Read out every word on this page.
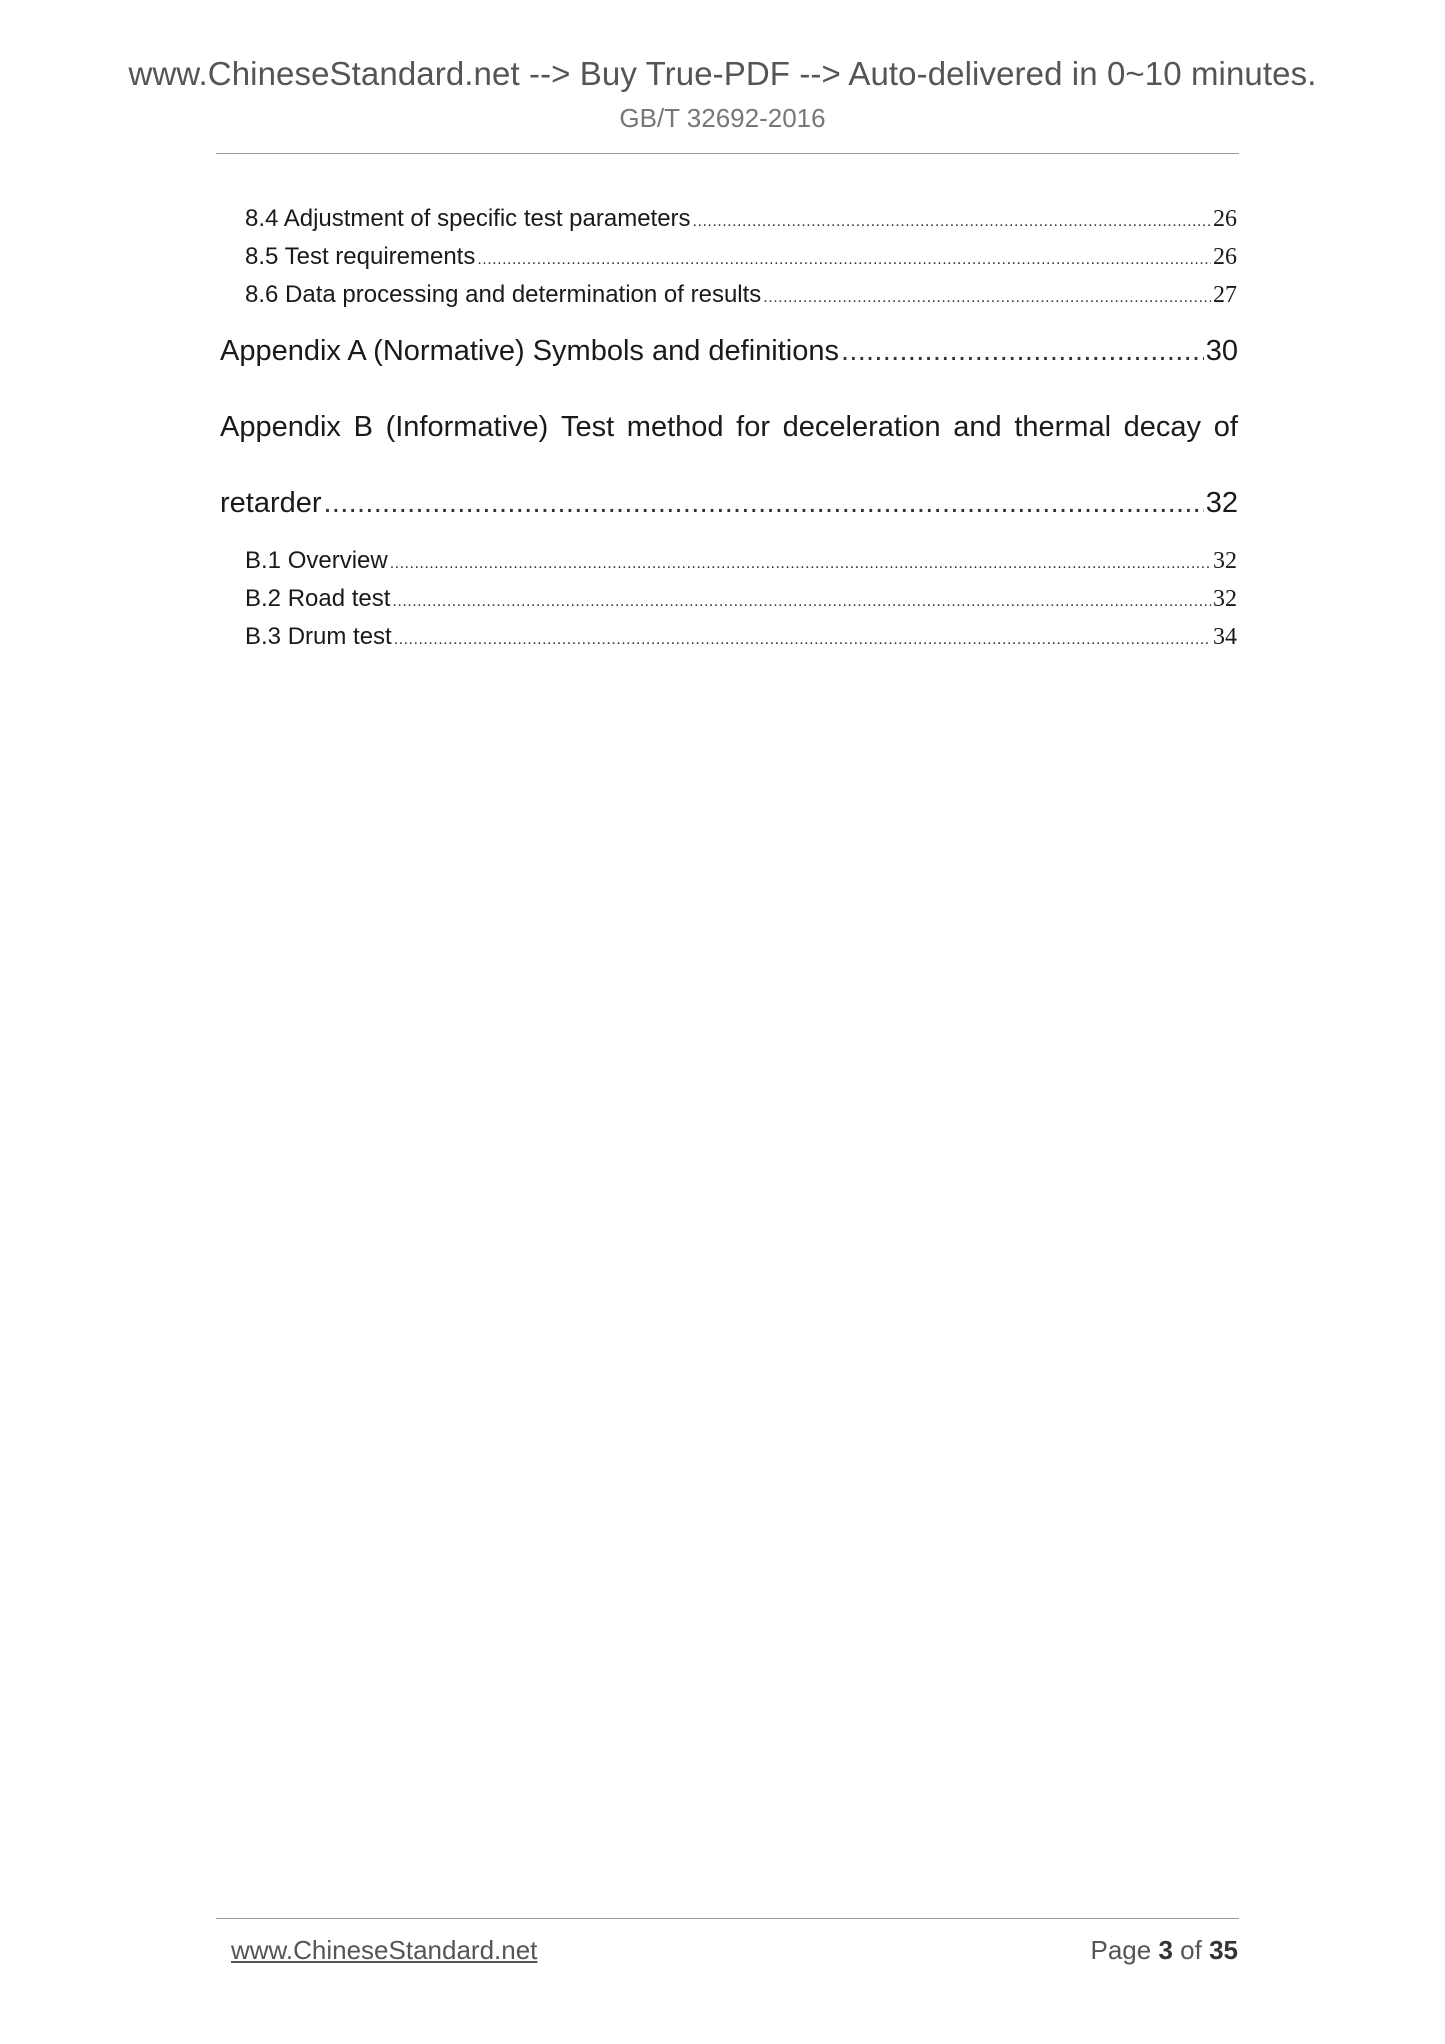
www.ChineseStandard.net --> Buy True-PDF --> Auto-delivered in 0~10 minutes.
GB/T 32692-2016
8.4 Adjustment of specific test parameters .....	26
8.5 Test requirements .....	26
8.6 Data processing and determination of results .....	27
Appendix A (Normative) Symbols and definitions .....	30
Appendix B (Informative) Test method for deceleration and thermal decay of
retarder .....	32
B.1 Overview .....	32
B.2 Road test .....	32
B.3 Drum test .....	34
www.ChineseStandard.net	Page 3 of 35
